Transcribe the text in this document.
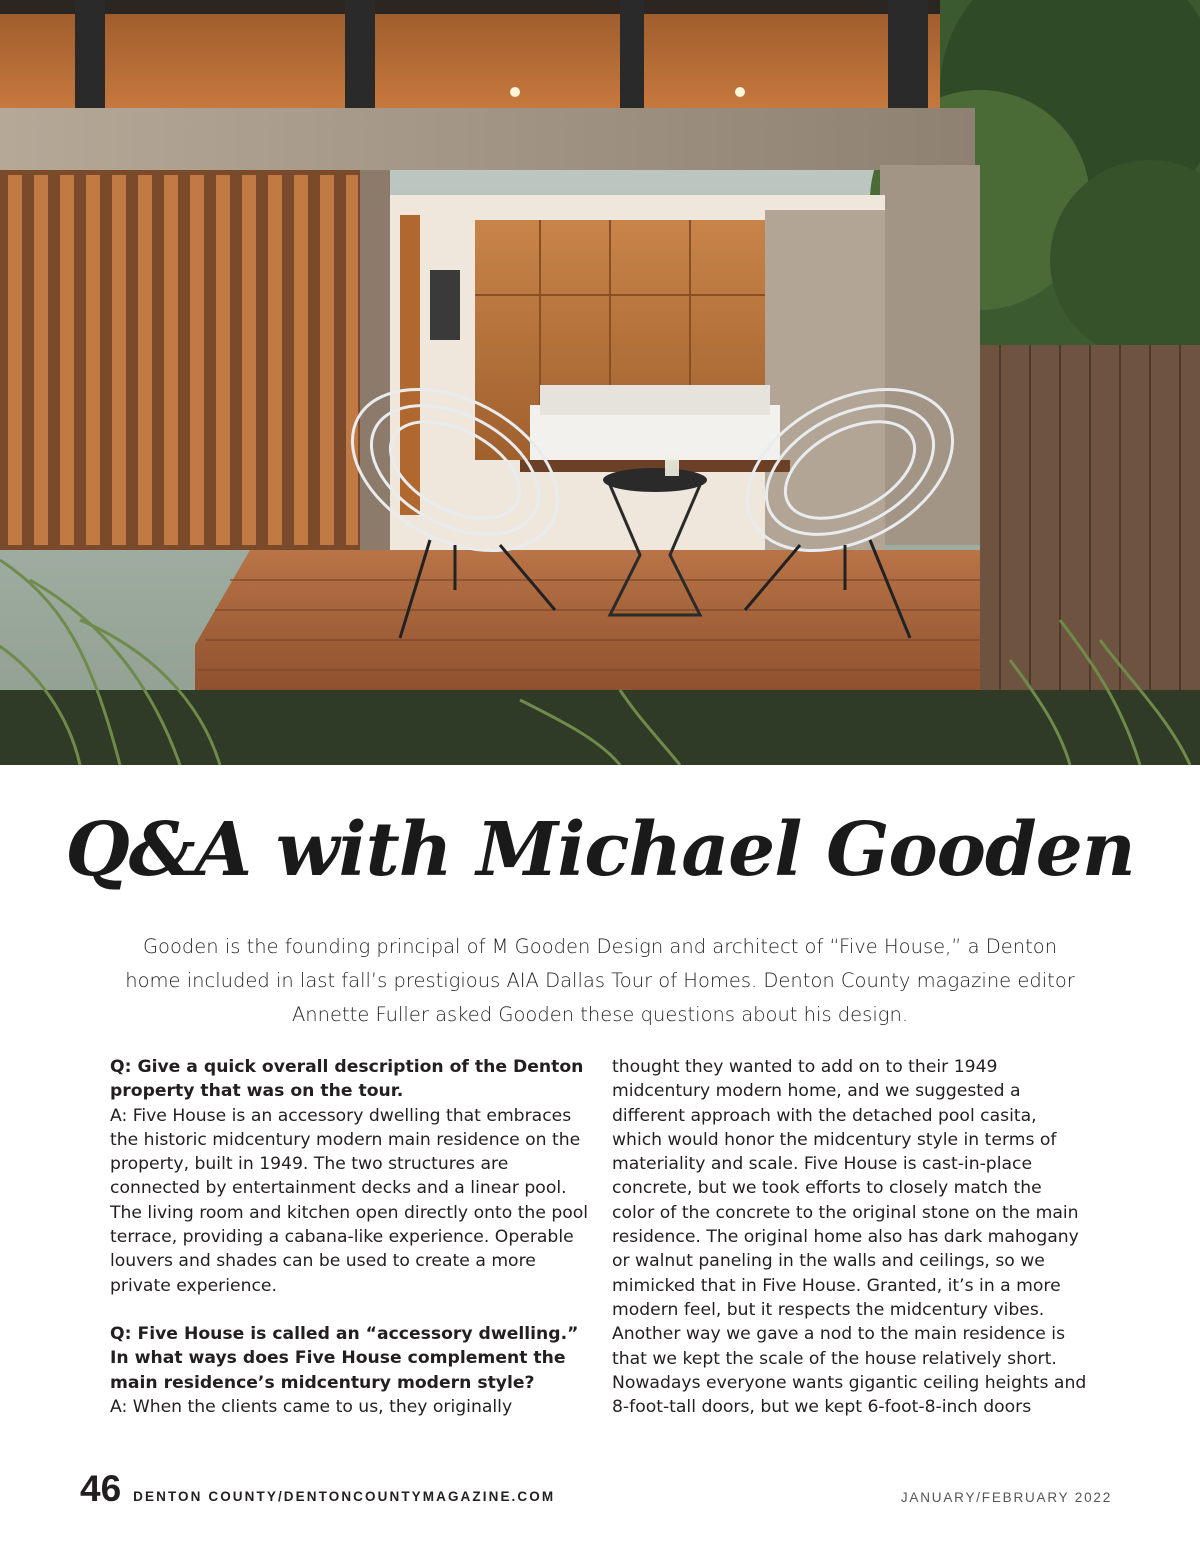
Q&A with Michael Gooden
Gooden is the founding principal of M Gooden Design and architect of “Five House,” a Denton home included in last fall’s prestigious AIA Dallas Tour of Homes. Denton County magazine editor Annette Fuller asked Gooden these questions about his design.

Q: Give a quick overall description of the Denton property that was on the tour.

A: Five House is an accessory dwelling that embraces the historic midcentury modern main residence on the property, built in 1949. The two structures are connected by entertainment decks and a linear pool. The living room and kitchen open directly onto the pool terrace, providing a cabana-like experience. Operable louvers and shades can be used to create a more private experience.

Q: Five House is called an “accessory dwelling.” In what ways does Five House complement the main residence’s midcentury modern style?

A: When the clients came to us, they originally

thought they wanted to add on to their 1949 midcentury modern home, and we suggested a different approach with the detached pool casita, which would honor the midcentury style in terms of materiality and scale. Five House is cast-in-place concrete, but we took efforts to closely match the color of the concrete to the original stone on the main residence. The original home also has dark mahogany or walnut paneling in the walls and ceilings, so we mimicked that in Five House. Granted, it’s in a more modern feel, but it respects the midcentury vibes. Another way we gave a nod to the main residence is that we kept the scale of the house relatively short. Nowadays everyone wants gigantic ceiling heights and 8-foot-tall doors, but we kept 6-foot-8-inch doors

46 DENTON COUNTY/DENTONCOUNTYMAGAZINE.COM	JANUARY/FEBRUARY 2022
